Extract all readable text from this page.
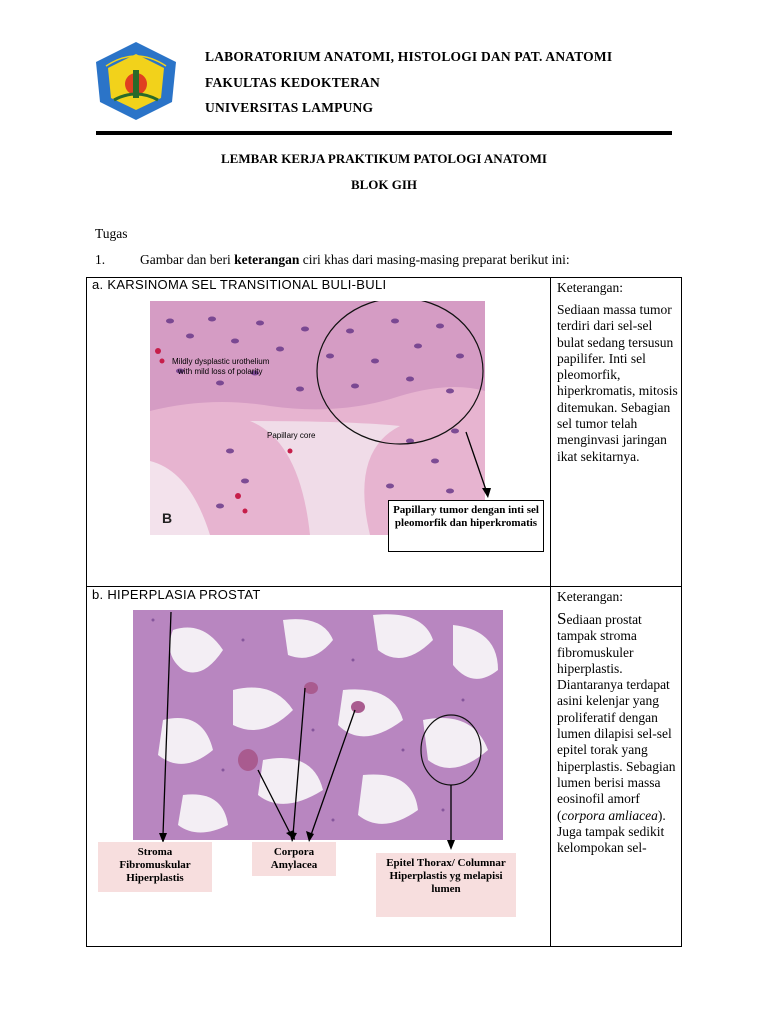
LABORATORIUM ANATOMI, HISTOLOGI DAN PAT. ANATOMI
FAKULTAS KEDOKTERAN
UNIVERSITAS LAMPUNG
LEMBAR KERJA PRAKTIKUM PATOLOGI ANATOMI
BLOK GIH
Tugas
1.	Gambar dan beri keterangan ciri khas dari masing-masing preparat berikut ini:
a. KARSINOMA SEL TRANSITIONAL BULI-BULI
Mildly dysplastic urothelium
with mild loss of polarity
Papillary core
B	Papillary tumor dengan inti sel pleomorfik dan hiperkromatis
Keterangan:
Sediaan massa tumor terdiri dari sel-sel bulat sedang tersusun papilifer. Inti sel pleomorfik, hiperkromatis, mitosis ditemukan. Sebagian sel tumor telah menginvasi jaringan ikat sekitarnya.
b. HIPERPLASIA PROSTAT
Stroma Fibromuskular Hiperplastis
Corpora Amylacea	Epitel Thorax/ Columnar Hiperplastis yg melapisi lumen
Keterangan:
Sediaan prostat tampak stroma fibromuskuler hiperplastis. Diantaranya terdapat asini kelenjar yang proliferatif dengan lumen dilapisi sel-sel epitel torak yang hiperplastis. Sebagian lumen berisi massa eosinofil amorf (corpora amliacea). Juga tampak sedikit kelompokan sel-
